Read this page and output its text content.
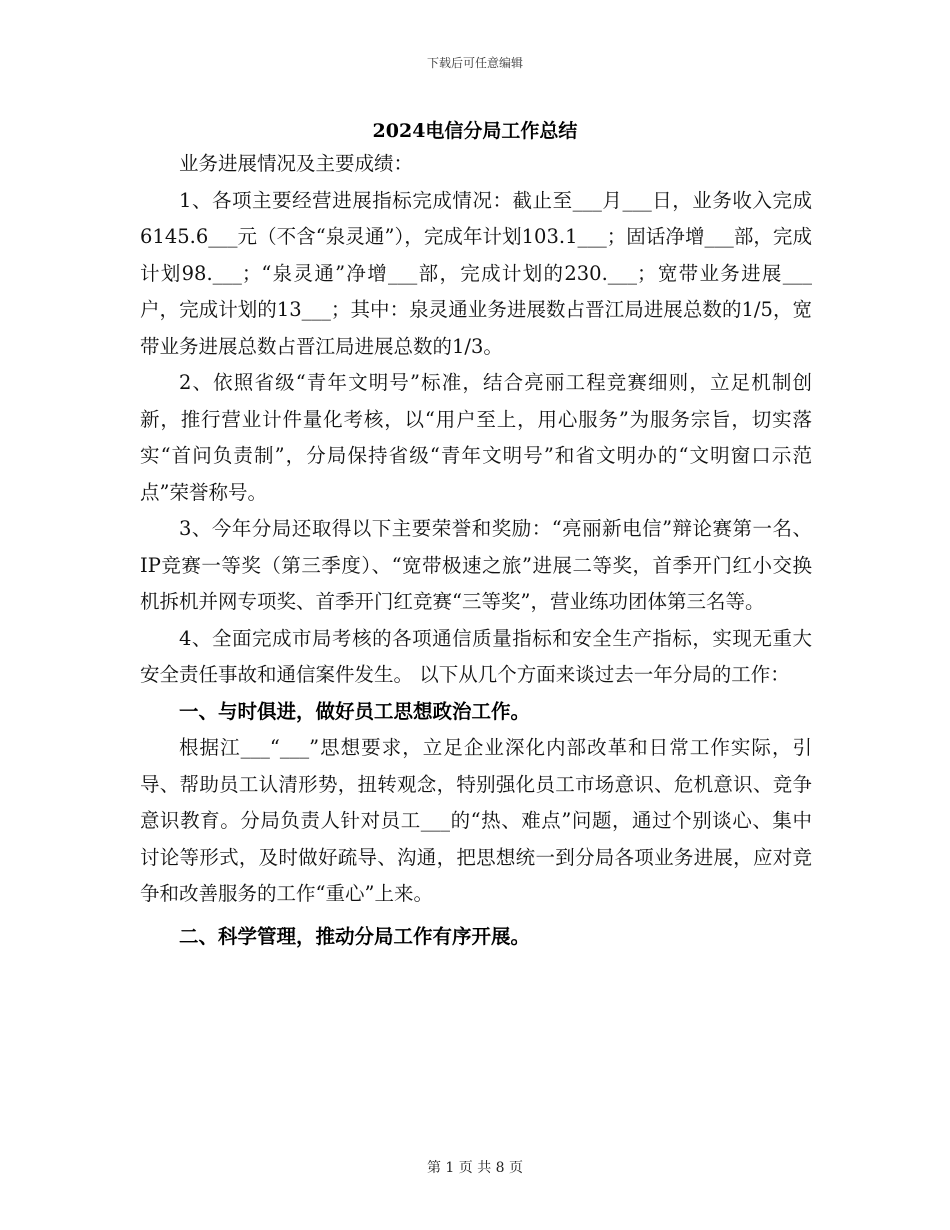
下载后可任意编辑
2024电信分局工作总结

业务进展情况及主要成绩：

1、各项主要经营进展指标完成情况：截止至___月___日，业务收入完成6145.6___元（不含“泉灵通”），完成年计划103.1___；固话净增___部，完成计划98.___；“泉灵通”净增___部，完成计划的230.___；宽带业务进展___户，完成计划的13___；其中：泉灵通业务进展数占晋江局进展总数的1/5，宽带业务进展总数占晋江局进展总数的1/3。

2、依照省级“青年文明号”标准，结合亮丽工程竞赛细则，立足机制创新，推行营业计件量化考核，以“用户至上，用心服务”为服务宗旨，切实落实“首问负责制”，分局保持省级“青年文明号”和省文明办的“文明窗口示范点”荣誉称号。

3、今年分局还取得以下主要荣誉和奖励：“亮丽新电信”辩论赛第一名、IP竞赛一等奖（第三季度）、“宽带极速之旅”进展二等奖，首季开门红小交换机拆机并网专项奖、首季开门红竞赛“三等奖”，营业练功团体第三名等。

4、全面完成市局考核的各项通信质量指标和安全生产指标，实现无重大安全责任事故和通信案件发生。 以下从几个方面来谈过去一年分局的工作：

一、与时俱进，做好员工思想政治工作。

根据江___“___”思想要求，立足企业深化内部改革和日常工作实际，引导、帮助员工认清形势，扭转观念，特别强化员工市场意识、危机意识、竞争意识教育。分局负责人针对员工___的“热、难点”问题，通过个别谈心、集中讨论等形式，及时做好疏导、沟通，把思想统一到分局各项业务进展，应对竞争和改善服务的工作“重心”上来。

二、科学管理，推动分局工作有序开展。

第 1 页 共 8 页
